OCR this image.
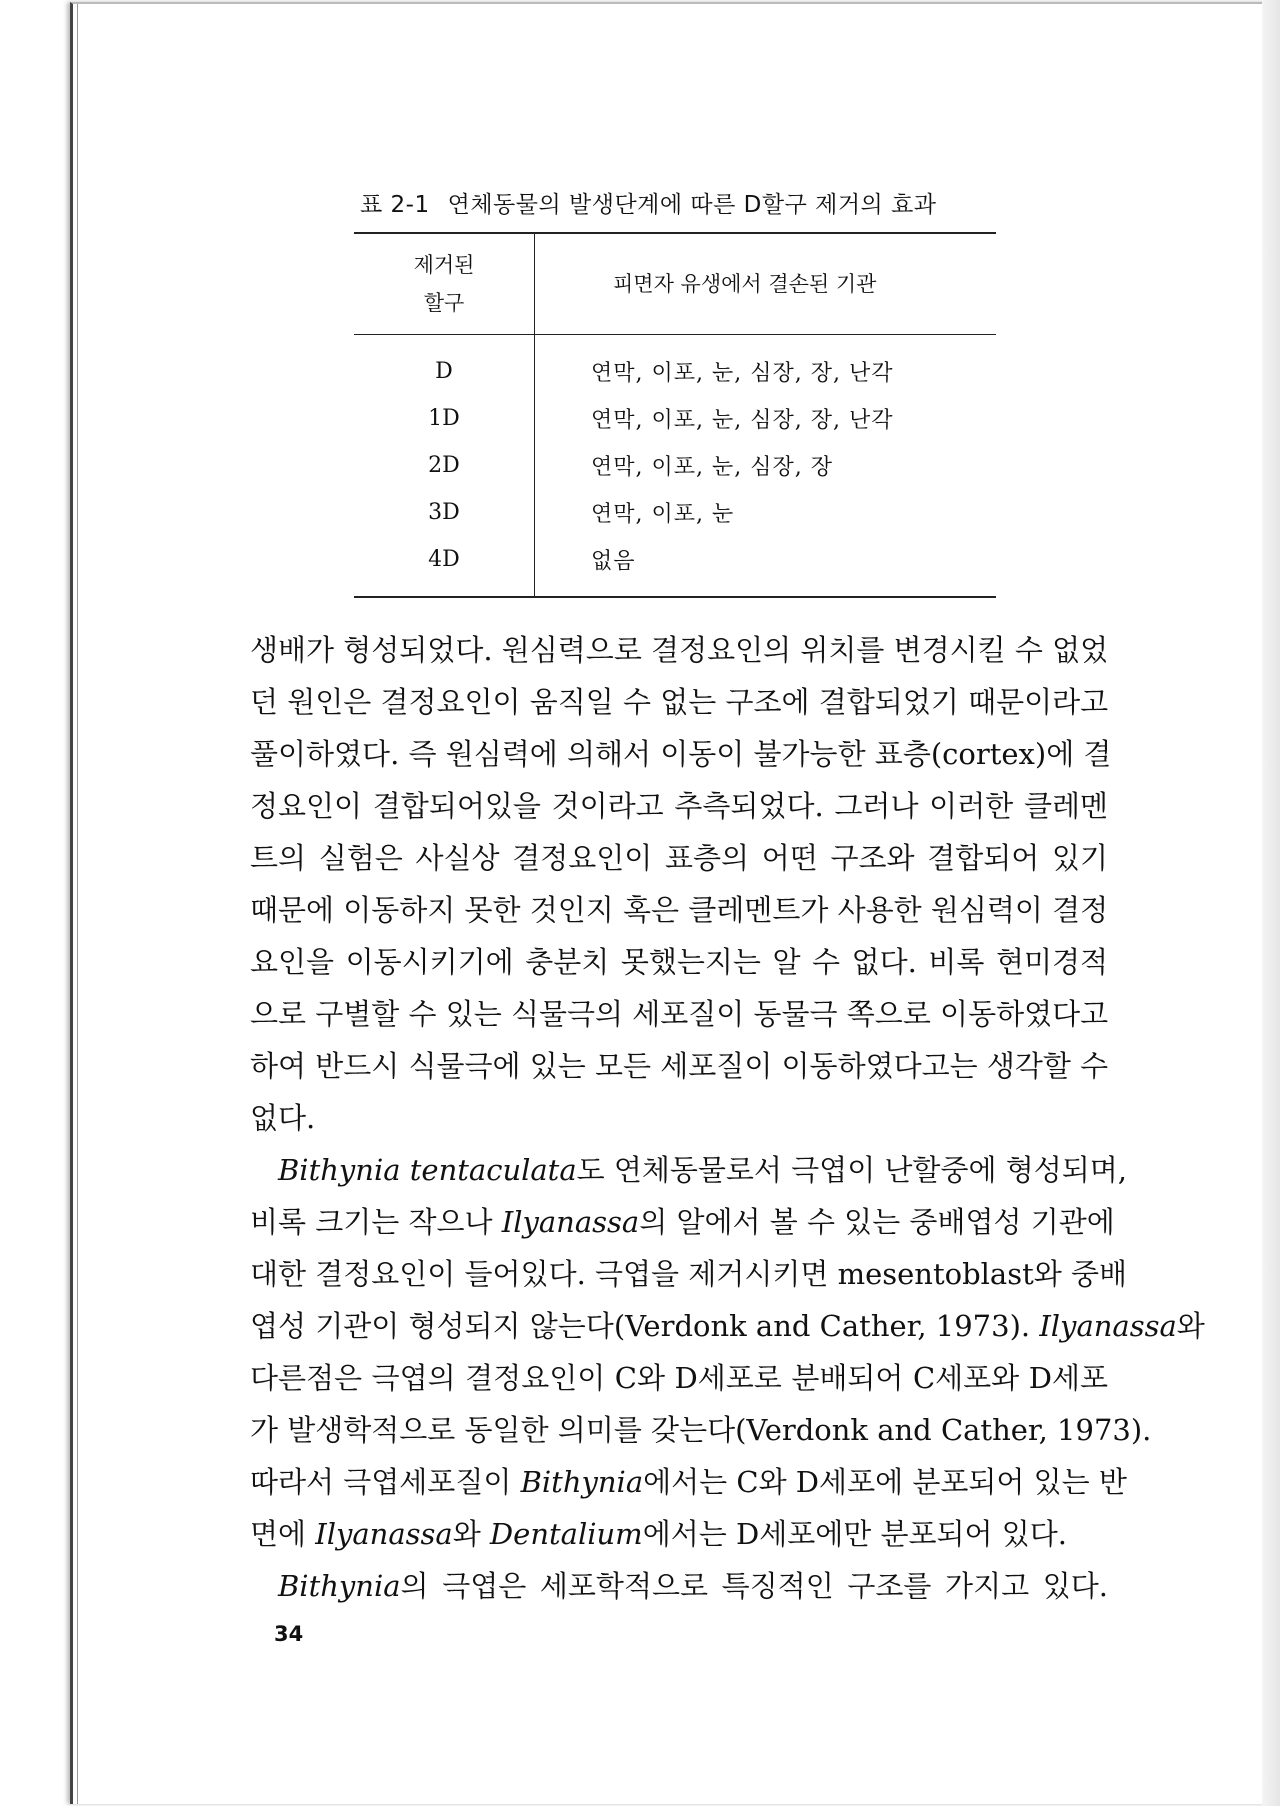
표 2-1 연체동물의 발생단계에 따른 D할구 제거의 효과
제거된
할구	피면자 유생에서 결손된 기관
D	연막, 이포, 눈, 심장, 장, 난각
1D	연막, 이포, 눈, 심장, 장, 난각
2D	연막, 이포, 눈, 심장, 장
3D	연막, 이포, 눈
4D	없음

생배가 형성되었다. 원심력으로 결정요인의 위치를 변경시킬 수 없었
던 원인은 결정요인이 움직일 수 없는 구조에 결합되었기 때문이라고
풀이하였다. 즉 원심력에 의해서 이동이 불가능한 표층(cortex)에 결
정요인이 결합되어있을 것이라고 추측되었다. 그러나 이러한 클레멘
트의 실험은 사실상 결정요인이 표층의 어떤 구조와 결합되어 있기
때문에 이동하지 못한 것인지 혹은 클레멘트가 사용한 원심력이 결정
요인을 이동시키기에 충분치 못했는지는 알 수 없다. 비록 현미경적
으로 구별할 수 있는 식물극의 세포질이 동물극 쪽으로 이동하였다고
하여 반드시 식물극에 있는 모든 세포질이 이동하였다고는 생각할 수
없다.

Bithynia tentaculata도 연체동물로서 극엽이 난할중에 형성되며,
비록 크기는 작으나 Ilyanassa의 알에서 볼 수 있는 중배엽성 기관에
대한 결정요인이 들어있다. 극엽을 제거시키면 mesentoblast와 중배
엽성 기관이 형성되지 않는다(Verdonk and Cather, 1973). Ilyanassa와
다른점은 극엽의 결정요인이 C와 D세포로 분배되어 C세포와 D세포
가 발생학적으로 동일한 의미를 갖는다(Verdonk and Cather, 1973).
따라서 극엽세포질이 Bithynia에서는 C와 D세포에 분포되어 있는 반
면에 Ilyanassa와 Dentalium에서는 D세포에만 분포되어 있다.

Bithynia의 극엽은 세포학적으로 특징적인 구조를 가지고 있다.

34
